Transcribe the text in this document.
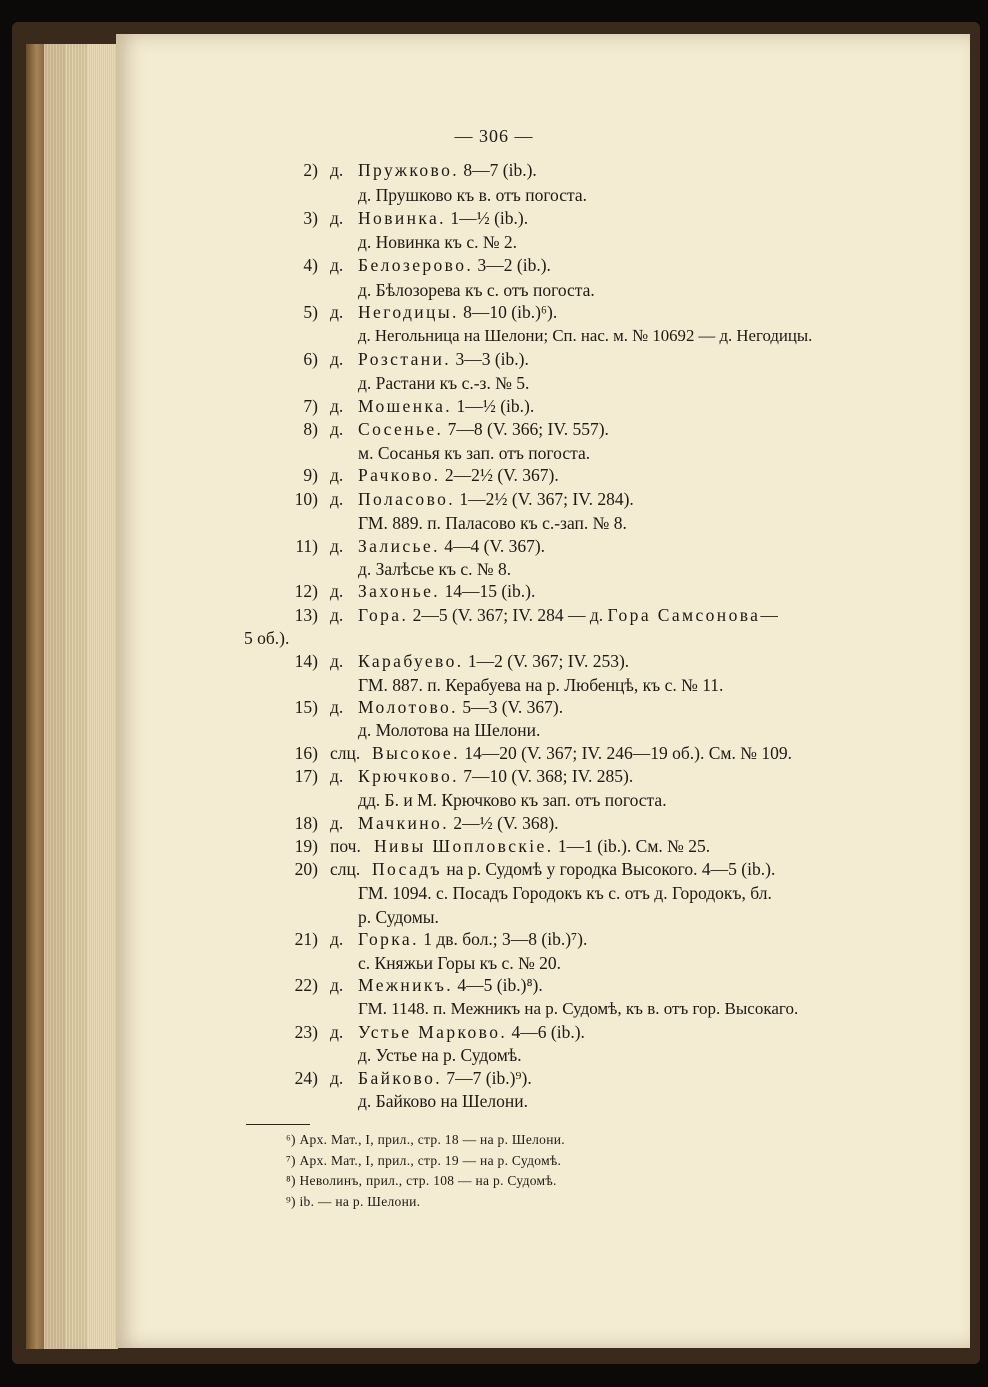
— 306 —
2) д. Пружково. 8—7 (ib.).
д. Прушково къ в. отъ погоста.
3) д. Новинка. 1—½ (ib.).
д. Новинка къ с. № 2.
4) д. Белозерово. 3—2 (ib.).
д. Бѣлозорева къ с. отъ погоста.
5) д. Негодицы. 8—10 (ib.)⁶).
д. Негольница на Шелони; Сп. нас. м. № 10692 — д. Негодицы.
6) д. Розстани. 3—3 (ib.).
д. Растани къ с.-з. № 5.
7) д. Мошенка. 1—½ (ib.).
8) д. Сосенье. 7—8 (V. 366; IV. 557).
м. Сосанья къ зап. отъ погоста.
9) д. Рачково. 2—2½ (V. 367).
10) д. Поласово. 1—2½ (V. 367; IV. 284).
ГМ. 889. п. Паласово къ с.-зап. № 8.
11) д. Залисье. 4—4 (V. 367).
д. Залѣсье къ с. № 8.
12) д. Захонье. 14—15 (ib.).
13) д. Гора. 2—5 (V. 367; IV. 284 — д. Гора Самсонова—
5 об.).
14) д. Карабуево. 1—2 (V. 367; IV. 253).
ГМ. 887. п. Керабуева на р. Любенцѣ, къ с. № 11.
15) д. Молотово. 5—3 (V. 367).
д. Молотова на Шелони.
16) слц. Высокое. 14—20 (V. 367; IV. 246—19 об.). См. № 109.
17) д. Крючково. 7—10 (V. 368; IV. 285).
дд. Б. и М. Крючково къ зап. отъ погоста.
18) д. Мачкино. 2—½ (V. 368).
19) поч. Нивы Шопловскіе. 1—1 (ib.). См. № 25.
20) слц. Посадъ на р. Судомѣ у городка Высокого. 4—5 (ib.).
ГМ. 1094. с. Посадъ Городокъ къ с. отъ д. Городокъ, бл.
р. Судомы.
21) д. Горка. 1 дв. бол.; 3—8 (ib.)⁷).
с. Княжьи Горы къ с. № 20.
22) д. Межникъ. 4—5 (ib.)⁸).
ГМ. 1148. п. Межникъ на р. Судомѣ, къ в. отъ гор. Высокаго.
23) д. Устье Марково. 4—6 (ib.).
д. Устье на р. Судомѣ.
24) д. Байково. 7—7 (ib.)⁹).
д. Байково на Шелони.
⁶) Арх. Мат., I, прил., стр. 18 — на р. Шелони.
⁷) Арх. Мат., I, прил., стр. 19 — на р. Судомѣ.
⁸) Неволинъ, прил., стр. 108 — на р. Судомѣ.
⁹) ib. — на р. Шелони.
